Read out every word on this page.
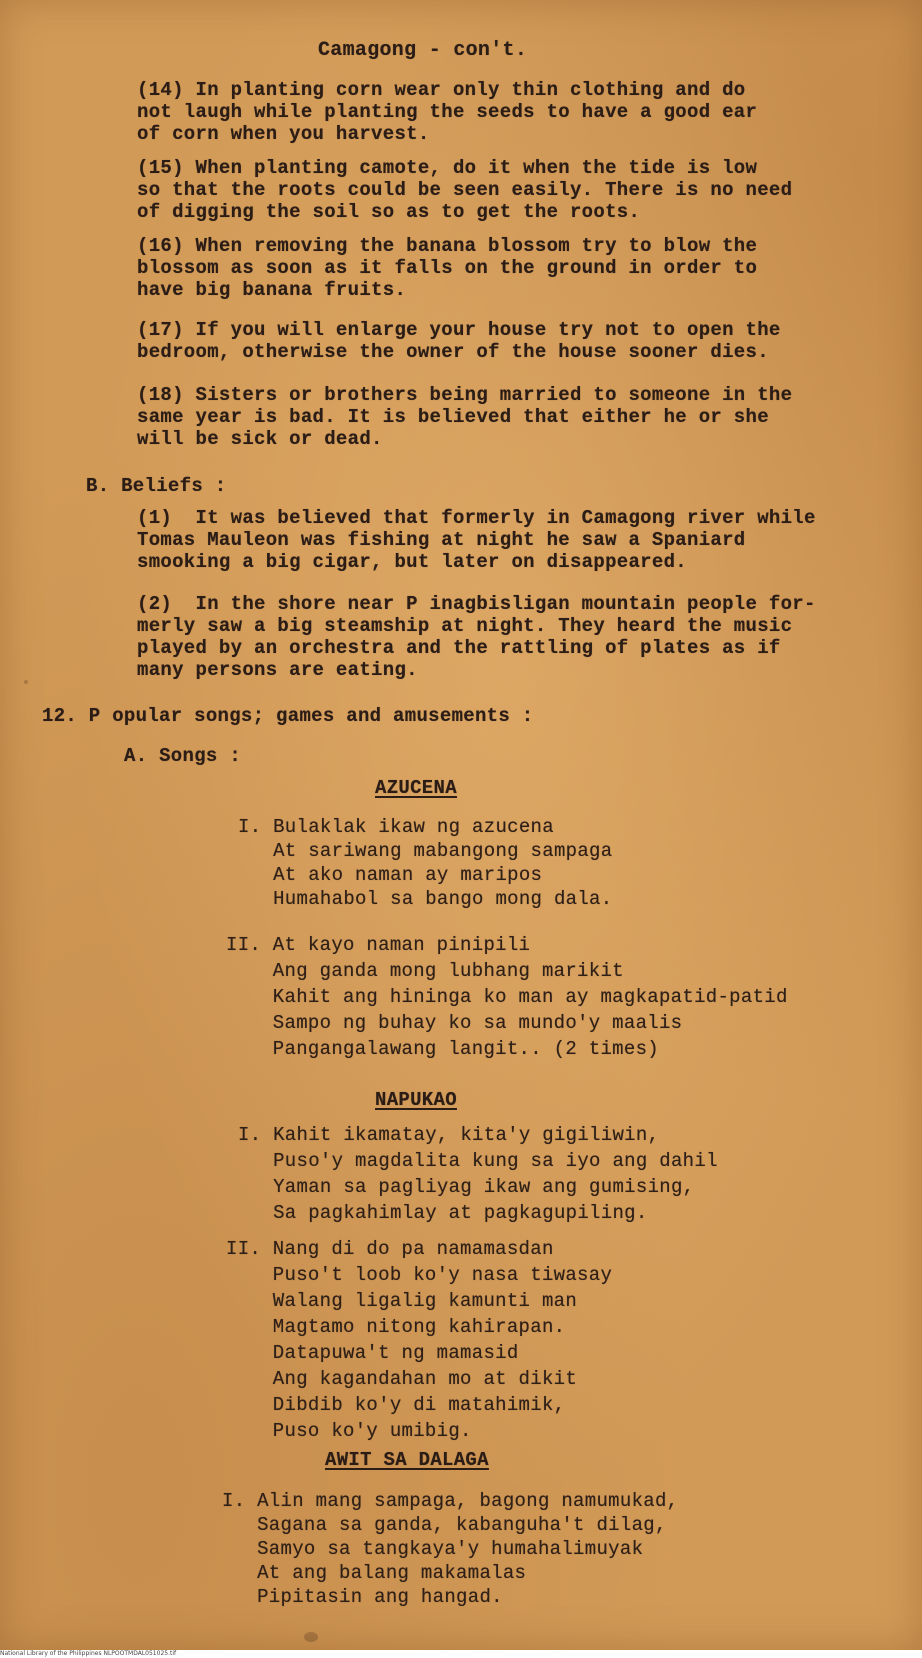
Camagong - con't.
(14) In planting corn wear only thin clothing and do
not laugh while planting the seeds to have a good ear
of corn when you harvest.
(15) When planting camote, do it when the tide is low
so that the roots could be seen easily. There is no need
of digging the soil so as to get the roots.
(16) When removing the banana blossom try to blow the
blossom as soon as it falls on the ground in order to
have big banana fruits.
(17) If you will enlarge your house try not to open the
bedroom, otherwise the owner of the house sooner dies.
(18) Sisters or brothers being married to someone in the
same year is bad. It is believed that either he or she
will be sick or dead.
B. Beliefs :
(1)  It was believed that formerly in Camagong river while
Tomas Mauleon was fishing at night he saw a Spaniard
smooking a big cigar, but later on disappeared.
(2)  In the shore near P inagbisligan mountain people for-
merly saw a big steamship at night. They heard the music
played by an orchestra and the rattling of plates as if
many persons are eating.
12. P opular songs; games and amusements :
A. Songs :
AZUCENA
I. Bulaklak ikaw ng azucena
At sariwang mabangong sampaga
At ako naman ay maripos
Humahabol sa bango mong dala.
II. At kayo naman pinipili
Ang ganda mong lubhang marikit
Kahit ang hininga ko man ay magkapatid-patid
Sampo ng buhay ko sa mundo'y maalis
Pangangalawang langit.. (2 times)
NAPUKAO
I. Kahit ikamatay, kita'y gigiliwin,
Puso'y magdalita kung sa iyo ang dahil
Yaman sa pagliyag ikaw ang gumising,
Sa pagkahimlay at pagkagupiling.
II. Nang di do pa namamasdan
Puso't loob ko'y nasa tiwasay
Walang ligalig kamunti man
Magtamo nitong kahirapan.
Datapuwa't ng mamasid
Ang kagandahan mo at dikit
Dibdib ko'y di matahimik,
Puso ko'y umibig.
AWIT SA DALAGA
I. Alin mang sampaga, bagong namumukad,
Sagana sa ganda, kabanguha't dilag,
Samyo sa tangkaya'y humahalimuyak
At ang balang makamalas
Pipitasin ang hangad.
National Library of the Philippines NLPOOTMDAL051025.tif
